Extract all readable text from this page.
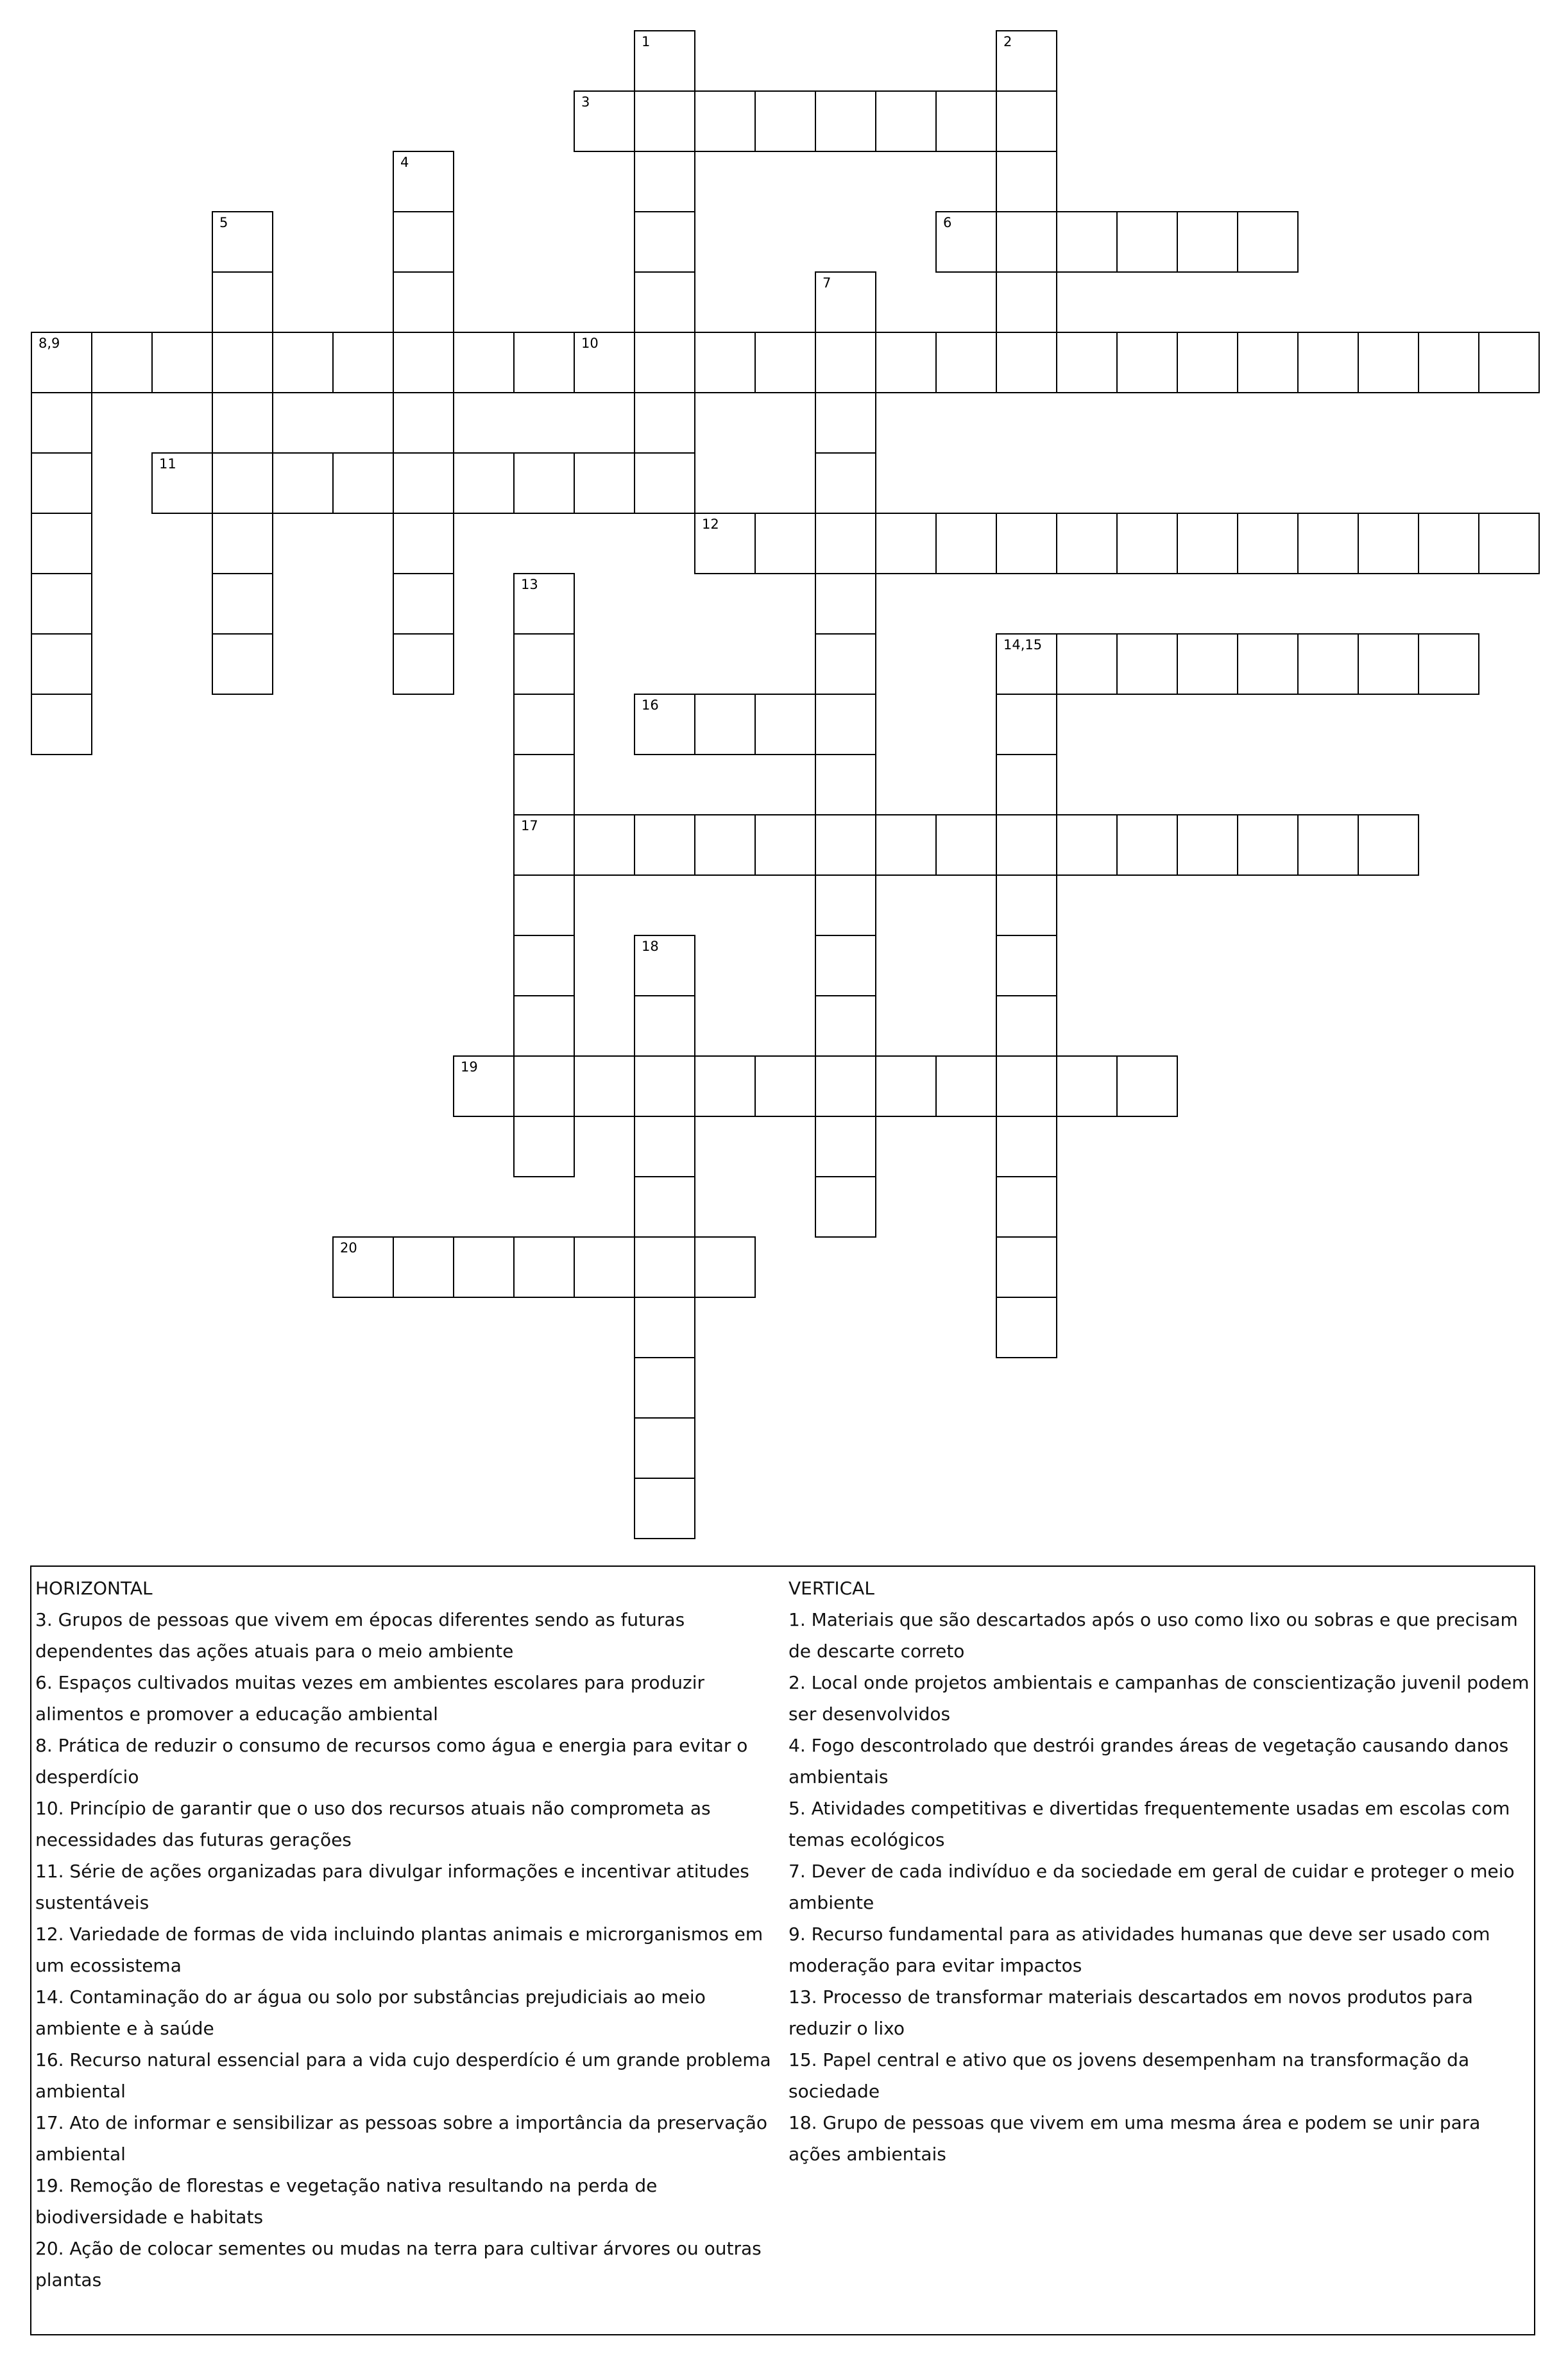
1	2
3
4
5	6
7
8,9	10
11
12
13
17
14,15
16
18
19
20
HORIZONTAL
3. Grupos de pessoas que vivem em épocas diferentes sendo as futuras dependentes das ações atuais para o meio ambiente
6. Espaços cultivados muitas vezes em ambientes escolares para produzir alimentos e promover a educação ambiental
8. Prática de reduzir o consumo de recursos como água e energia para evitar o desperdício
10. Princípio de garantir que o uso dos recursos atuais não comprometa as necessidades das futuras gerações
11. Série de ações organizadas para divulgar informações e incentivar atitudes sustentáveis
12. Variedade de formas de vida incluindo plantas animais e microrganismos em um ecossistema
14. Contaminação do ar água ou solo por substâncias prejudiciais ao meio ambiente e à saúde
16. Recurso natural essencial para a vida cujo desperdício é um grande problema ambiental
17. Ato de informar e sensibilizar as pessoas sobre a importância da preservação ambiental
19. Remoção de florestas e vegetação nativa resultando na perda de biodiversidade e habitats
20. Ação de colocar sementes ou mudas na terra para cultivar árvores ou outras plantas
VERTICAL
1. Materiais que são descartados após o uso como lixo ou sobras e que precisam de descarte correto
2. Local onde projetos ambientais e campanhas de conscientização juvenil podem ser desenvolvidos
4. Fogo descontrolado que destrói grandes áreas de vegetação causando danos ambientais
5. Atividades competitivas e divertidas frequentemente usadas em escolas com temas ecológicos
7. Dever de cada indivíduo e da sociedade em geral de cuidar e proteger o meio ambiente
9. Recurso fundamental para as atividades humanas que deve ser usado com moderação para evitar impactos
13. Processo de transformar materiais descartados em novos produtos para reduzir o lixo
15. Papel central e ativo que os jovens desempenham na transformação da sociedade
18. Grupo de pessoas que vivem em uma mesma área e podem se unir para ações ambientais
